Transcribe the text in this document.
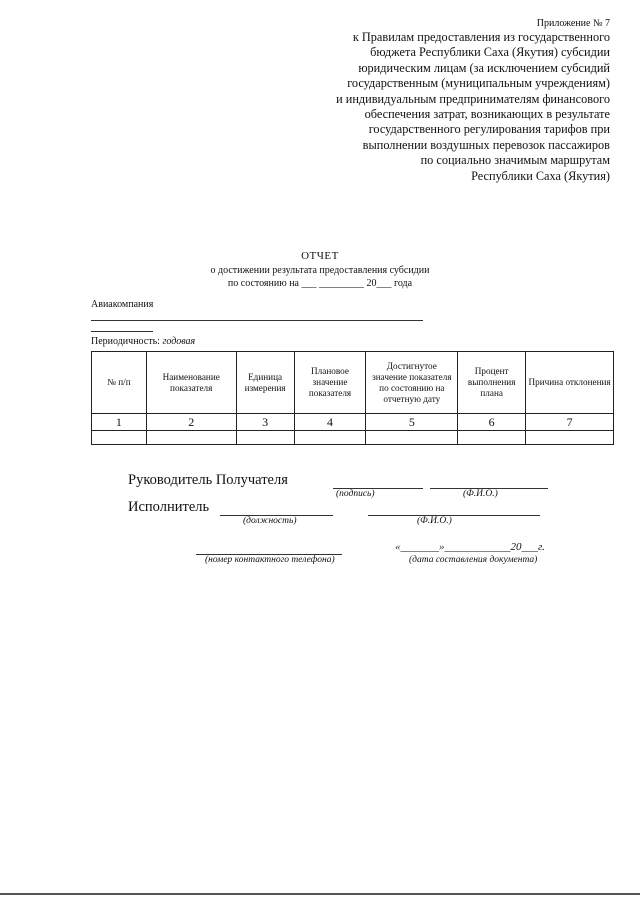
Приложение № 7
к Правилам предоставления из государственного
бюджета Республики Саха (Якутия) субсидии
юридическим лицам (за исключением субсидий
государственным (муниципальным учреждениям)
и индивидуальным предпринимателям финансового
обеспечения затрат, возникающих в результате
государственного регулирования тарифов при
выполнении воздушных перевозок пассажиров
по социально значимым маршрутам
Республики Саха (Якутия)
ОТЧЕТ
о достижении результата предоставления субсидии
по состоянию на ___ _________ 20___ года
Авиакомпания
Периодичность: годовая
№ п/п	Наименование показателя	Единица измерения	Плановое значение показателя	Достигнутое значение показателя по состоянию на отчетную дату	Процент выполнения плана	Причина отклонения
1	2	3	4	5	6	7

Руководитель Получателя
(подпись)	(Ф.И.О.)
Исполнитель
(должность)	(Ф.И.О.)
«_______»____________20___г.
(номер контактного телефона)	(дата составления документа)
